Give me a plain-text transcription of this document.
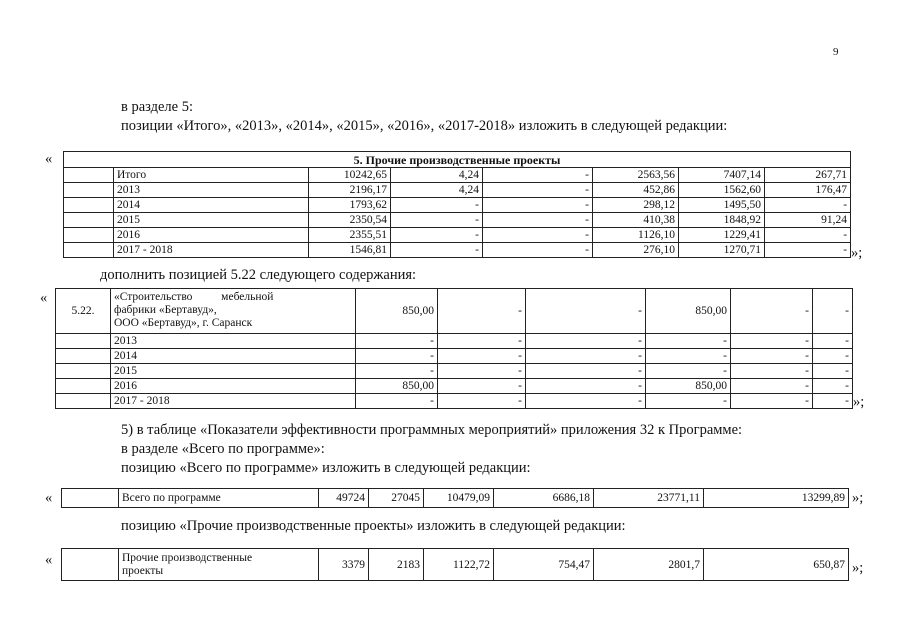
9
в разделе 5:
позиции «Итого», «2013», «2014», «2015», «2016», «2017-2018» изложить в следующей редакции:
«	5. Прочие производственные проекты							
	Итого	10242,65	4,24	-	2563,56	7407,14	267,71
	2013	2196,17	4,24	-	452,86	1562,60	176,47
	2014	1793,62	-	-	298,12	1495,50	-
	2015	2350,54	-	-	410,38	1848,92	91,24
	2016	2355,51	-	-	1126,10	1229,41	-
	2017 - 2018	1546,81	-	-	276,10	1270,71	- »;
дополнить позицией 5.22 следующего содержания:
«
5.22.	«Строительство          мебельной
фабрики «Бертавуд»,
ООО «Бертавуд», г. Саранск	850,00	-	-	850,00	-	-
	2013	-	-	-	-	-	-
	2014	-	-	-	-	-	-
	2015	-	-	-	-	-	-
	2016	850,00	-	-	850,00	-	-
	2017 - 2018	-	-	-	-	-	- »;
5) в таблице «Показатели эффективности программных мероприятий» приложения 32 к Программе:
в разделе «Всего по программе»:
позицию «Всего по программе» изложить в следующей редакции:
«
		Всего по программе	49724	27045	10479,09	6686,18	23771,11	13299,89 »;
позицию «Прочие производственные проекты» изложить в следующей редакции:
«
		Прочие производственные
проекты	3379	2183	1122,72	754,47	2801,7	650,87 »;
